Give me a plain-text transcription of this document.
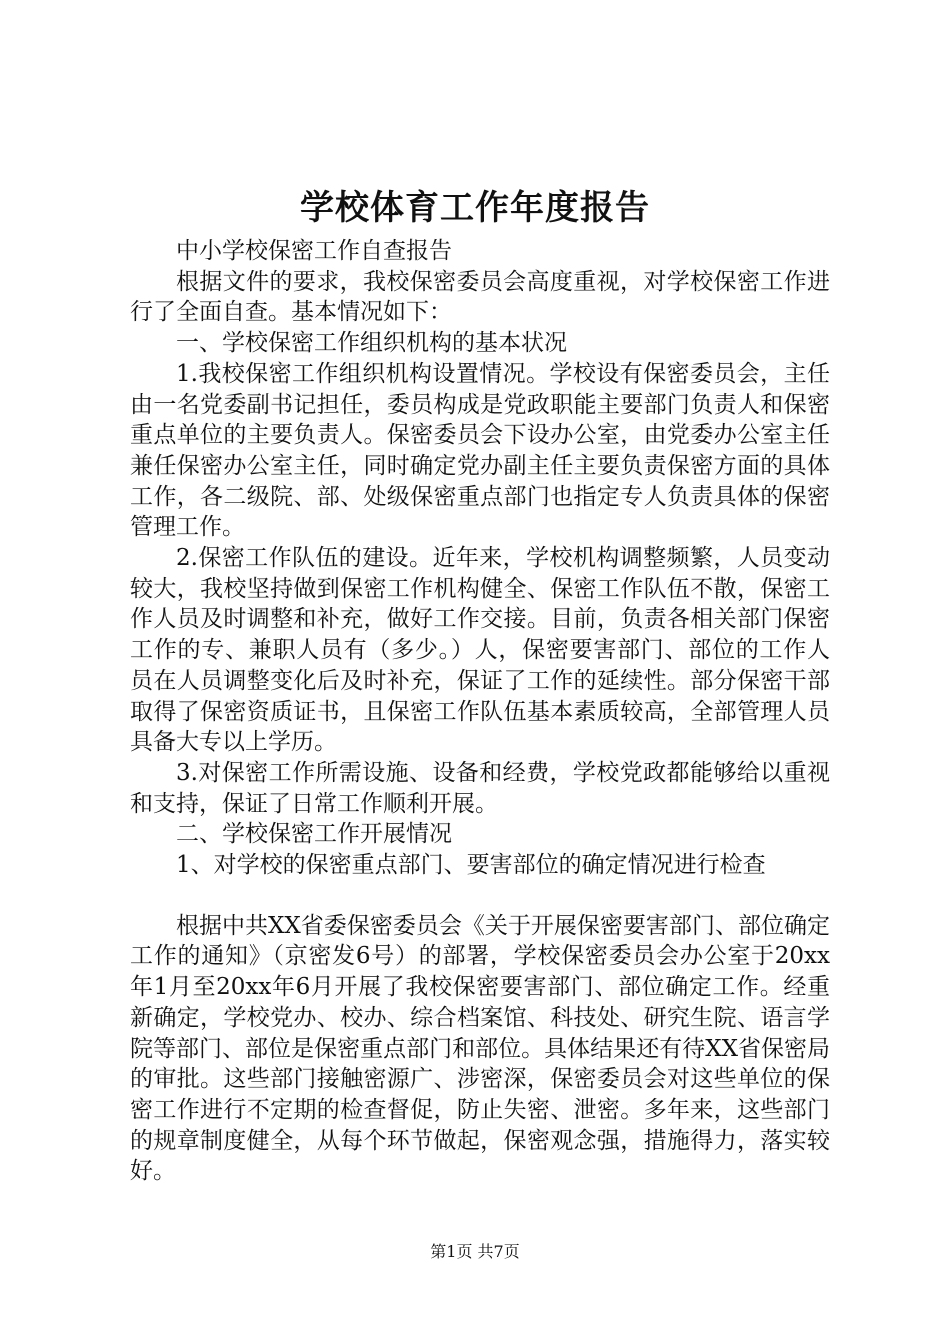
学校体育工作年度报告

中小学校保密工作自查报告

根据文件的要求，我校保密委员会高度重视，对学校保密工作进行了全面自查。基本情况如下：

一、学校保密工作组织机构的基本状况

1.我校保密工作组织机构设置情况。学校设有保密委员会，主任由一名党委副书记担任，委员构成是党政职能主要部门负责人和保密重点单位的主要负责人。保密委员会下设办公室，由党委办公室主任兼任保密办公室主任，同时确定党办副主任主要负责保密方面的具体工作，各二级院、部、处级保密重点部门也指定专人负责具体的保密管理工作。

2.保密工作队伍的建设。近年来，学校机构调整频繁，人员变动较大，我校坚持做到保密工作机构健全、保密工作队伍不散，保密工作人员及时调整和补充，做好工作交接。目前，负责各相关部门保密工作的专、兼职人员有（多少。）人，保密要害部门、部位的工作人员在人员调整变化后及时补充，保证了工作的延续性。部分保密干部取得了保密资质证书，且保密工作队伍基本素质较高，全部管理人员具备大专以上学历。

3.对保密工作所需设施、设备和经费，学校党政都能够给以重视和支持，保证了日常工作顺利开展。

二、学校保密工作开展情况

1、对学校的保密重点部门、要害部位的确定情况进行检查

根据中共XX省委保密委员会《关于开展保密要害部门、部位确定工作的通知》（京密发6号）的部署，学校保密委员会办公室于20xx年1月至20xx年6月开展了我校保密要害部门、部位确定工作。经重新确定，学校党办、校办、综合档案馆、科技处、研究生院、语言学院等部门、部位是保密重点部门和部位。具体结果还有待XX省保密局的审批。这些部门接触密源广、涉密深，保密委员会对这些单位的保密工作进行不定期的检查督促，防止失密、泄密。多年来，这些部门的规章制度健全，从每个环节做起，保密观念强，措施得力，落实较好。

第1页 共7页
